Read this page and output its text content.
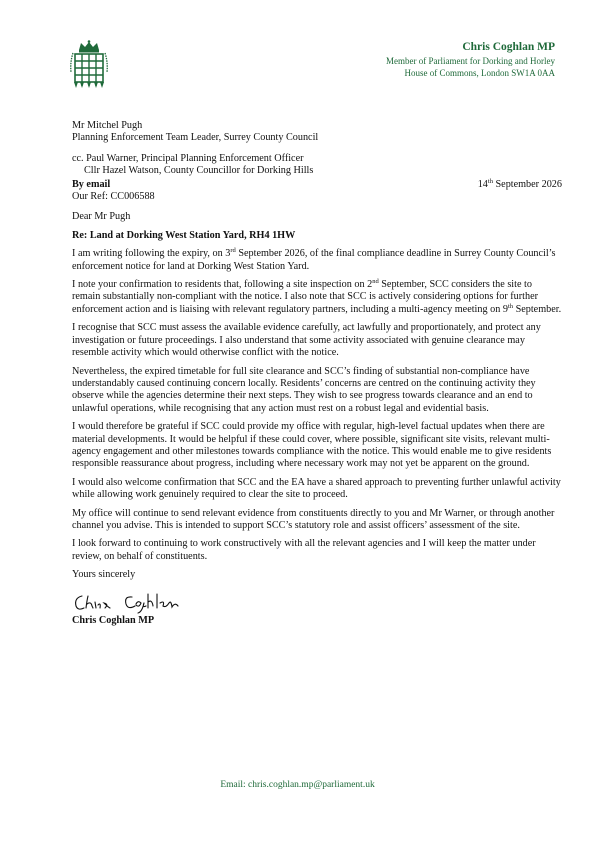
Chris Coghlan MP
Member of Parliament for Dorking and Horley
House of Commons, London SW1A 0AA
Mr Mitchel Pugh
Planning Enforcement Team Leader, Surrey County Council
cc. Paul Warner, Principal Planning Enforcement Officer
Cllr Hazel Watson, County Councillor for Dorking Hills
By email	14th September 2026
Our Ref: CC006588
Dear Mr Pugh
Re: Land at Dorking West Station Yard, RH4 1HW

I am writing following the expiry, on 3rd September 2026, of the final compliance deadline in Surrey County Council’s enforcement notice for land at Dorking West Station Yard.

I note your confirmation to residents that, following a site inspection on 2nd September, SCC considers the site to remain substantially non-compliant with the notice. I also note that SCC is actively considering options for further enforcement action and is liaising with relevant regulatory partners, including a multi-agency meeting on 9th September.

I recognise that SCC must assess the available evidence carefully, act lawfully and proportionately, and protect any investigation or future proceedings. I also understand that some activity associated with genuine clearance may resemble activity which would otherwise conflict with the notice.

Nevertheless, the expired timetable for full site clearance and SCC’s finding of substantial non-compliance have understandably caused continuing concern locally. Residents’ concerns are centred on the continuing activity they observe while the agencies determine their next steps. They wish to see progress towards clearance and an end to unlawful operations, while recognising that any action must rest on a robust legal and evidential basis.

I would therefore be grateful if SCC could provide my office with regular, high-level factual updates when there are material developments. It would be helpful if these could cover, where possible, significant site visits, relevant multi-agency engagement and other milestones towards compliance with the notice. This would enable me to give residents responsible reassurance about progress, including where necessary work may not yet be apparent on the ground.

I would also welcome confirmation that SCC and the EA have a shared approach to preventing further unlawful activity while allowing work genuinely required to clear the site to proceed.

My office will continue to send relevant evidence from constituents directly to you and Mr Warner, or through another channel you advise. This is intended to support SCC’s statutory role and assist officers’ assessment of the site.

I look forward to continuing to work constructively with all the relevant agencies and I will keep the matter under review, on behalf of constituents.

Yours sincerely
Chris Coghlan MP
Email: chris.coghlan.mp@parliament.uk
